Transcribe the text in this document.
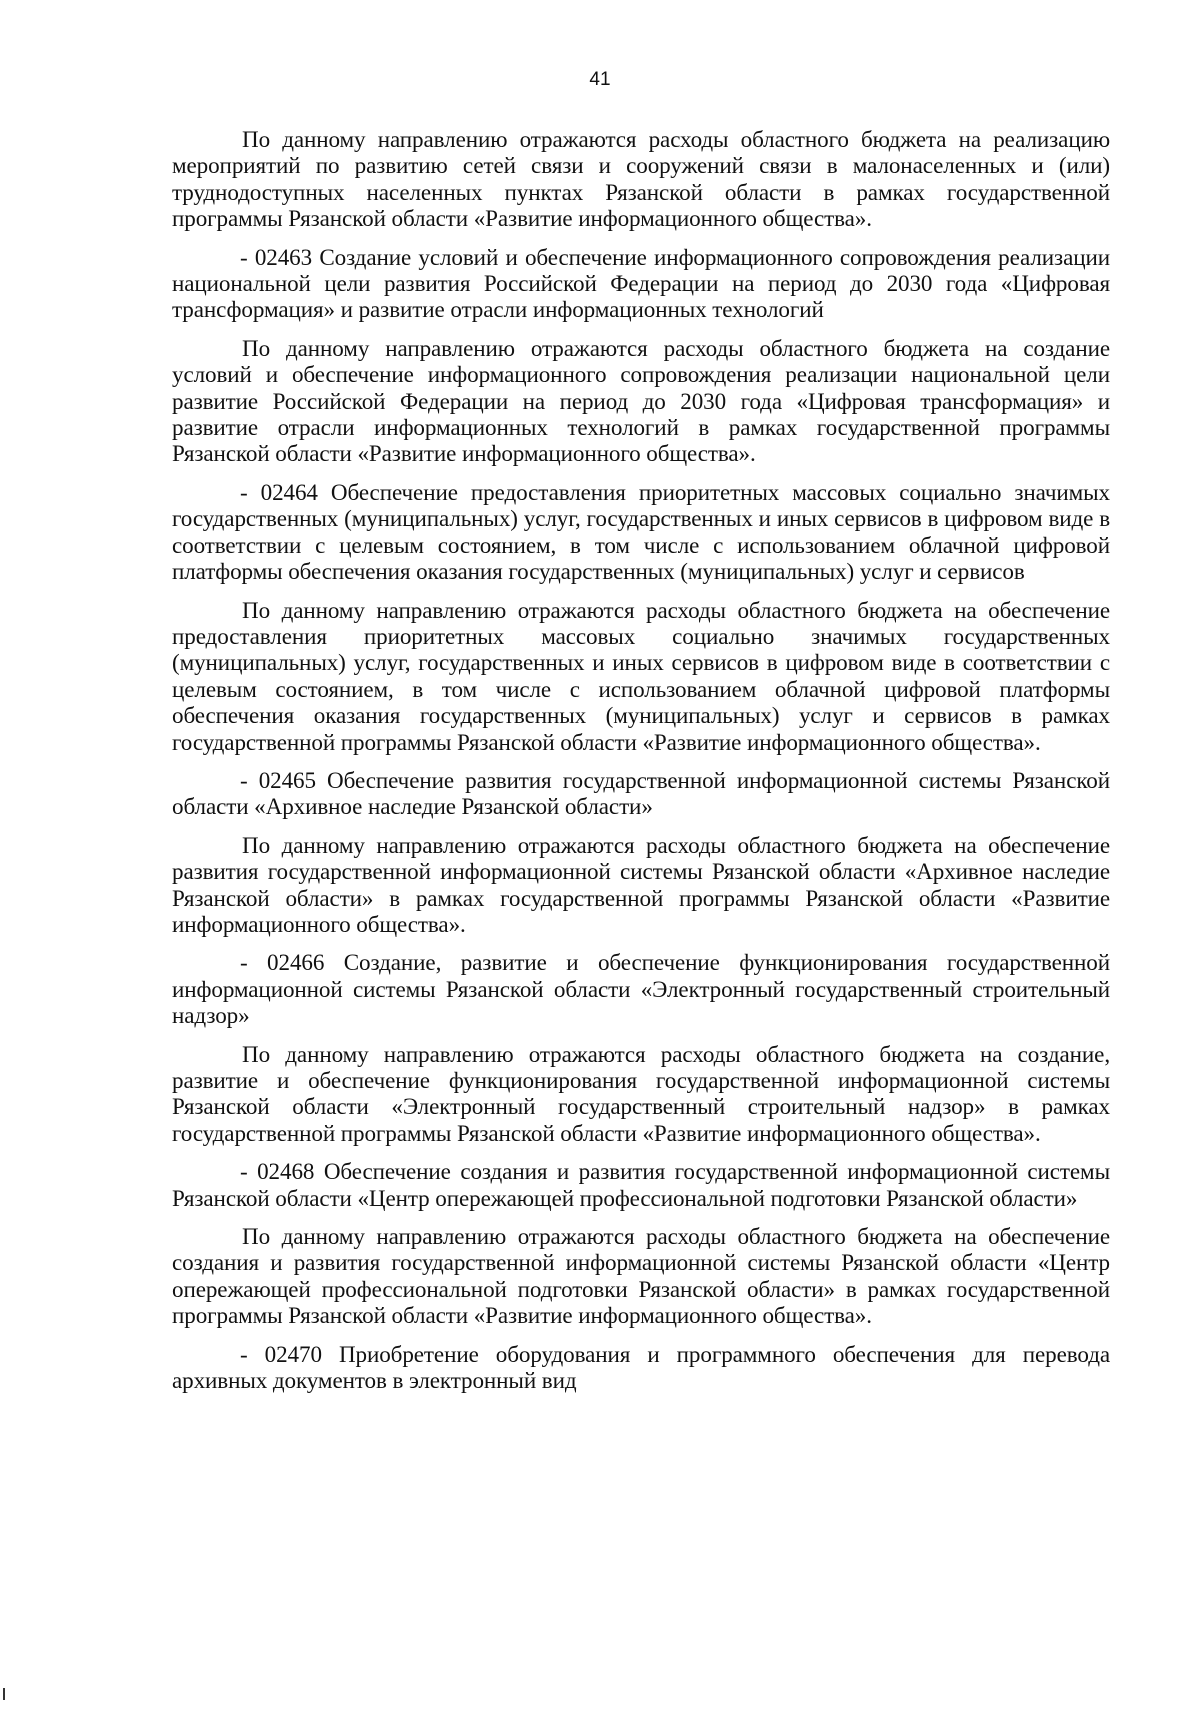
41

По данному направлению отражаются расходы областного бюджета на реализацию мероприятий по развитию сетей связи и сооружений связи в малонаселенных и (или) труднодоступных населенных пунктах Рязанской области в рамках государственной программы Рязанской области «Развитие информационного общества».

- 02463 Создание условий и обеспечение информационного сопровождения реализации национальной цели развития Российской Федерации на период до 2030 года «Цифровая трансформация» и развитие отрасли информационных технологий

По данному направлению отражаются расходы областного бюджета на создание условий и обеспечение информационного сопровождения реализации национальной цели развитие Российской Федерации на период до 2030 года «Цифровая трансформация» и развитие отрасли информационных технологий в рамках государственной программы Рязанской области «Развитие информационного общества».

- 02464 Обеспечение предоставления приоритетных массовых социально значимых государственных (муниципальных) услуг, государственных и иных сервисов в цифровом виде в соответствии с целевым состоянием, в том числе с использованием облачной цифровой платформы обеспечения оказания государственных (муниципальных) услуг и сервисов

По данному направлению отражаются расходы областного бюджета на обеспечение предоставления приоритетных массовых социально значимых государственных (муниципальных) услуг, государственных и иных сервисов в цифровом виде в соответствии с целевым состоянием, в том числе с использованием облачной цифровой платформы обеспечения оказания государственных (муниципальных) услуг и сервисов в рамках государственной программы Рязанской области «Развитие информационного общества».

- 02465 Обеспечение развития государственной информационной системы Рязанской области «Архивное наследие Рязанской области»

По данному направлению отражаются расходы областного бюджета на обеспечение развития государственной информационной системы Рязанской области «Архивное наследие Рязанской области» в рамках государственной программы Рязанской области «Развитие информационного общества».

- 02466 Создание, развитие и обеспечение функционирования государственной информационной системы Рязанской области «Электронный государственный строительный надзор»

По данному направлению отражаются расходы областного бюджета на создание, развитие и обеспечение функционирования государственной информационной системы Рязанской области «Электронный государственный строительный надзор» в рамках государственной программы Рязанской области «Развитие информационного общества».

- 02468 Обеспечение создания и развития государственной информационной системы Рязанской области «Центр опережающей профессиональной подготовки Рязанской области»

По данному направлению отражаются расходы областного бюджета на обеспечение создания и развития государственной информационной системы Рязанской области «Центр опережающей профессиональной подготовки Рязанской области» в рамках государственной программы Рязанской области «Развитие информационного общества».

- 02470 Приобретение оборудования и программного обеспечения для перевода архивных документов в электронный вид
